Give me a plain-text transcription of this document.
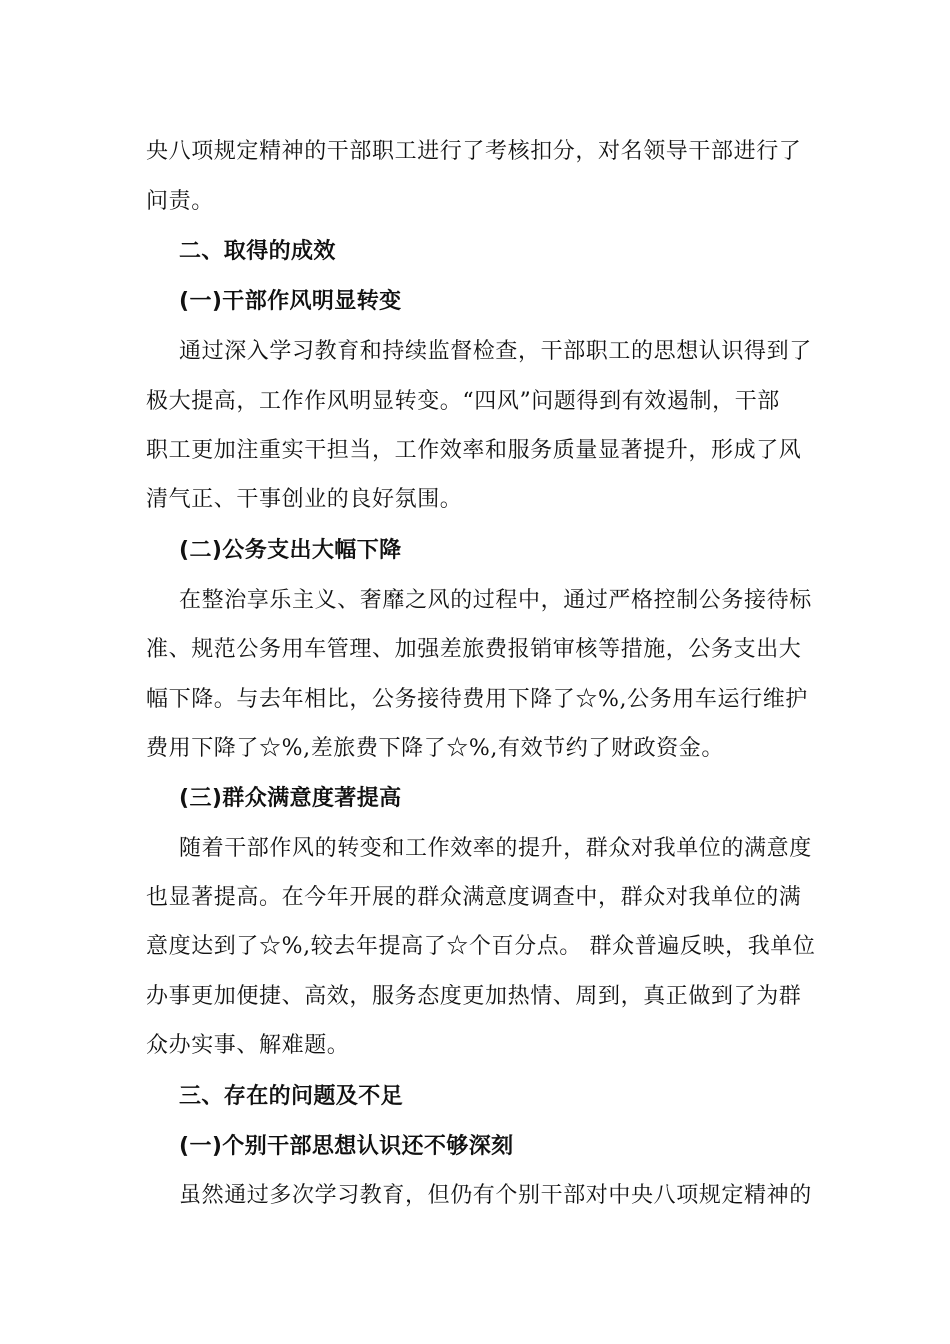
央八项规定精神的干部职工进行了考核扣分，对名领导干部进行了
问责。
二、取得的成效
(一)干部作风明显转变
通过深入学习教育和持续监督检查，干部职工的思想认识得到了
极大提高，工作作风明显转变。“四风”问题得到有效遏制，干部
职工更加注重实干担当，工作效率和服务质量显著提升，形成了风
清气正、干事创业的良好氛围。
(二)公务支出大幅下降
在整治享乐主义、奢靡之风的过程中，通过严格控制公务接待标
准、规范公务用车管理、加强差旅费报销审核等措施，公务支出大
幅下降。与去年相比，公务接待费用下降了☆%,公务用车运行维护
费用下降了☆%,差旅费下降了☆%,有效节约了财政资金。
(三)群众满意度著提高
随着干部作风的转变和工作效率的提升，群众对我单位的满意度
也显著提高。在今年开展的群众满意度调查中，群众对我单位的满
意度达到了☆%,较去年提高了☆个百分点。 群众普遍反映，我单位
办事更加便捷、高效，服务态度更加热情、周到，真正做到了为群
众办实事、解难题。
三、存在的问题及不足
(一)个别干部思想认识还不够深刻
虽然通过多次学习教育，但仍有个别干部对中央八项规定精神的
